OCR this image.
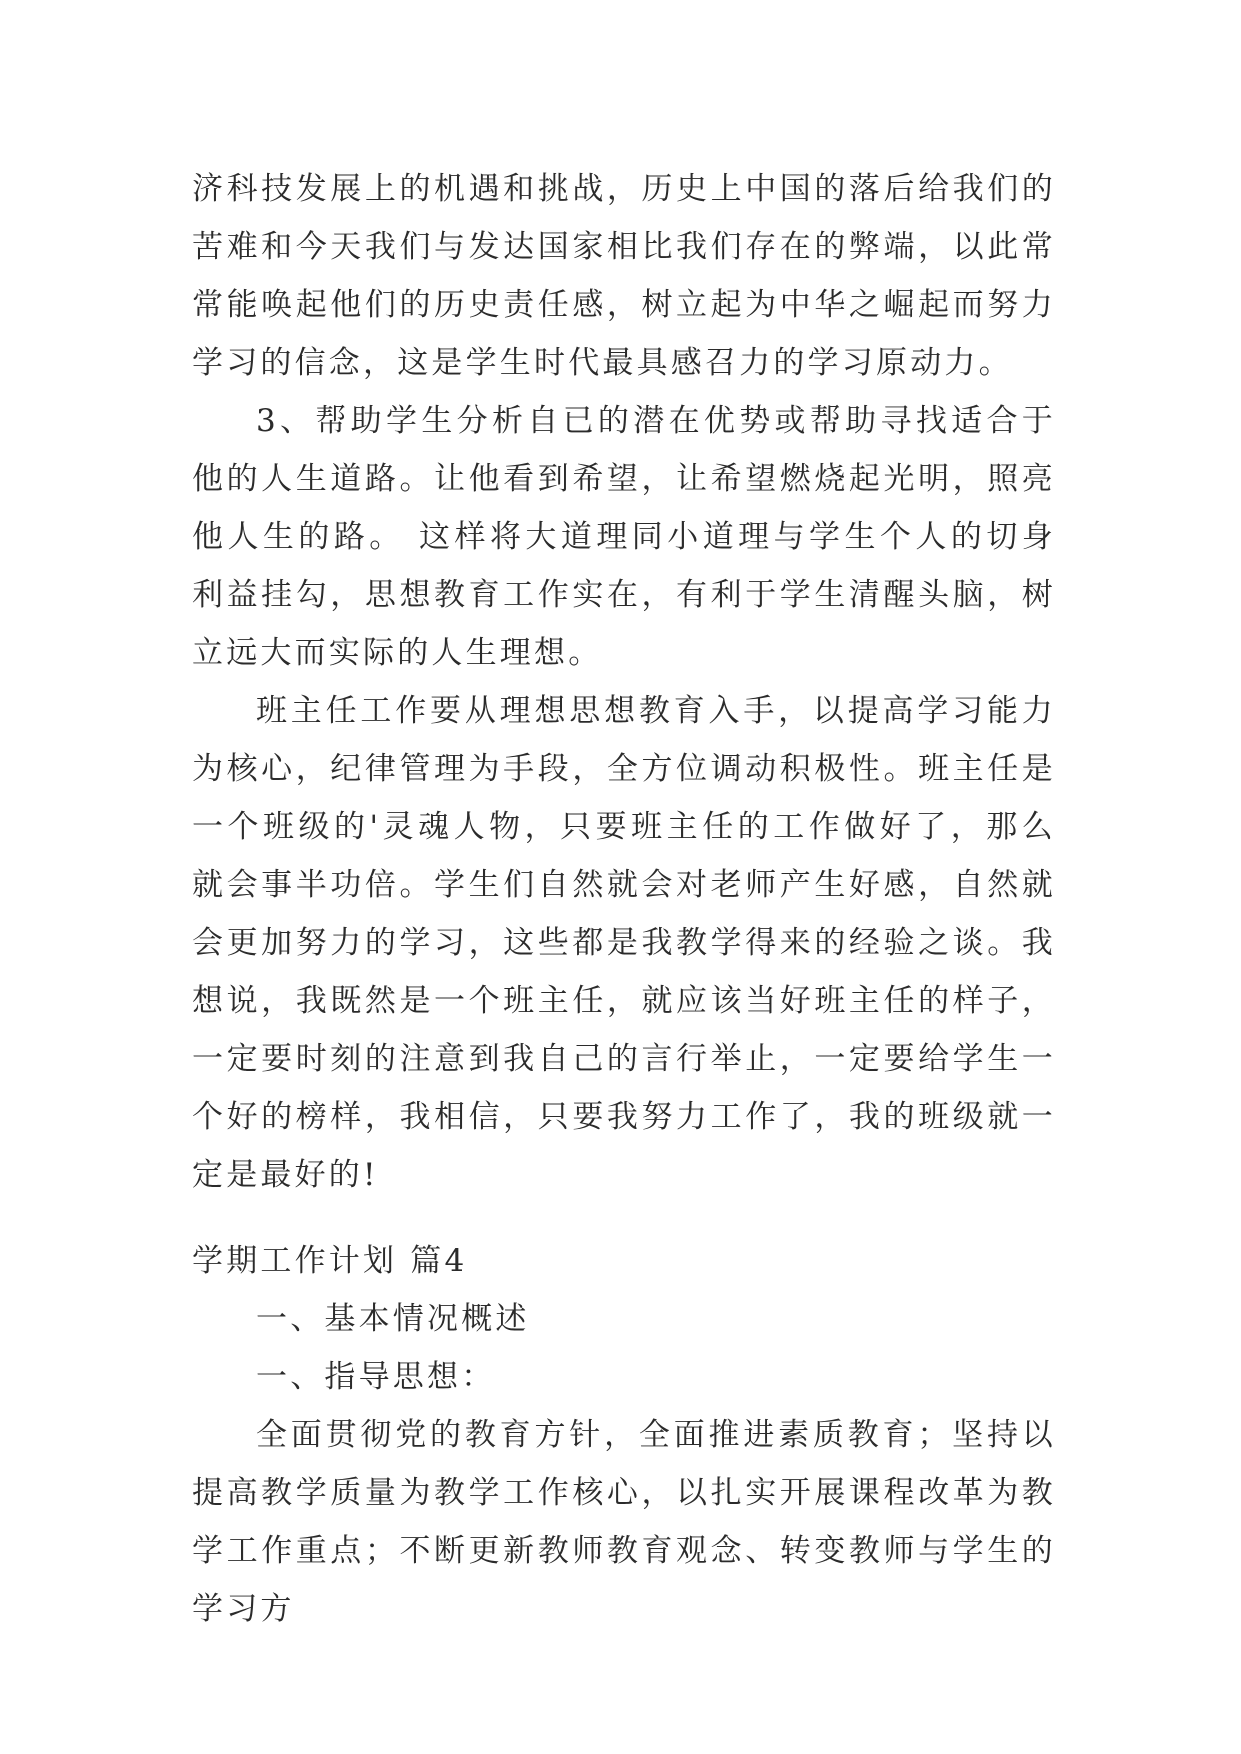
济科技发展上的机遇和挑战，历史上中国的落后给我们的苦难和今天我们与发达国家相比我们存在的弊端，以此常常能唤起他们的历史责任感，树立起为中华之崛起而努力学习的信念，这是学生时代最具感召力的学习原动力。

3、帮助学生分析自已的潜在优势或帮助寻找适合于他的人生道路。让他看到希望，让希望燃烧起光明，照亮他人生的路。 这样将大道理同小道理与学生个人的切身利益挂勾，思想教育工作实在，有利于学生清醒头脑，树立远大而实际的人生理想。

班主任工作要从理想思想教育入手，以提高学习能力为核心，纪律管理为手段，全方位调动积极性。班主任是一个班级的'灵魂人物，只要班主任的工作做好了，那么就会事半功倍。学生们自然就会对老师产生好感，自然就会更加努力的学习，这些都是我教学得来的经验之谈。我想说，我既然是一个班主任，就应该当好班主任的样子，一定要时刻的注意到我自己的言行举止，一定要给学生一个好的榜样，我相信，只要我努力工作了，我的班级就一定是最好的!

学期工作计划 篇4

一、基本情况概述

一、指导思想：

全面贯彻党的教育方针，全面推进素质教育；坚持以提高教学质量为教学工作核心，以扎实开展课程改革为教学工作重点；不断更新教师教育观念、转变教师与学生的学习方
